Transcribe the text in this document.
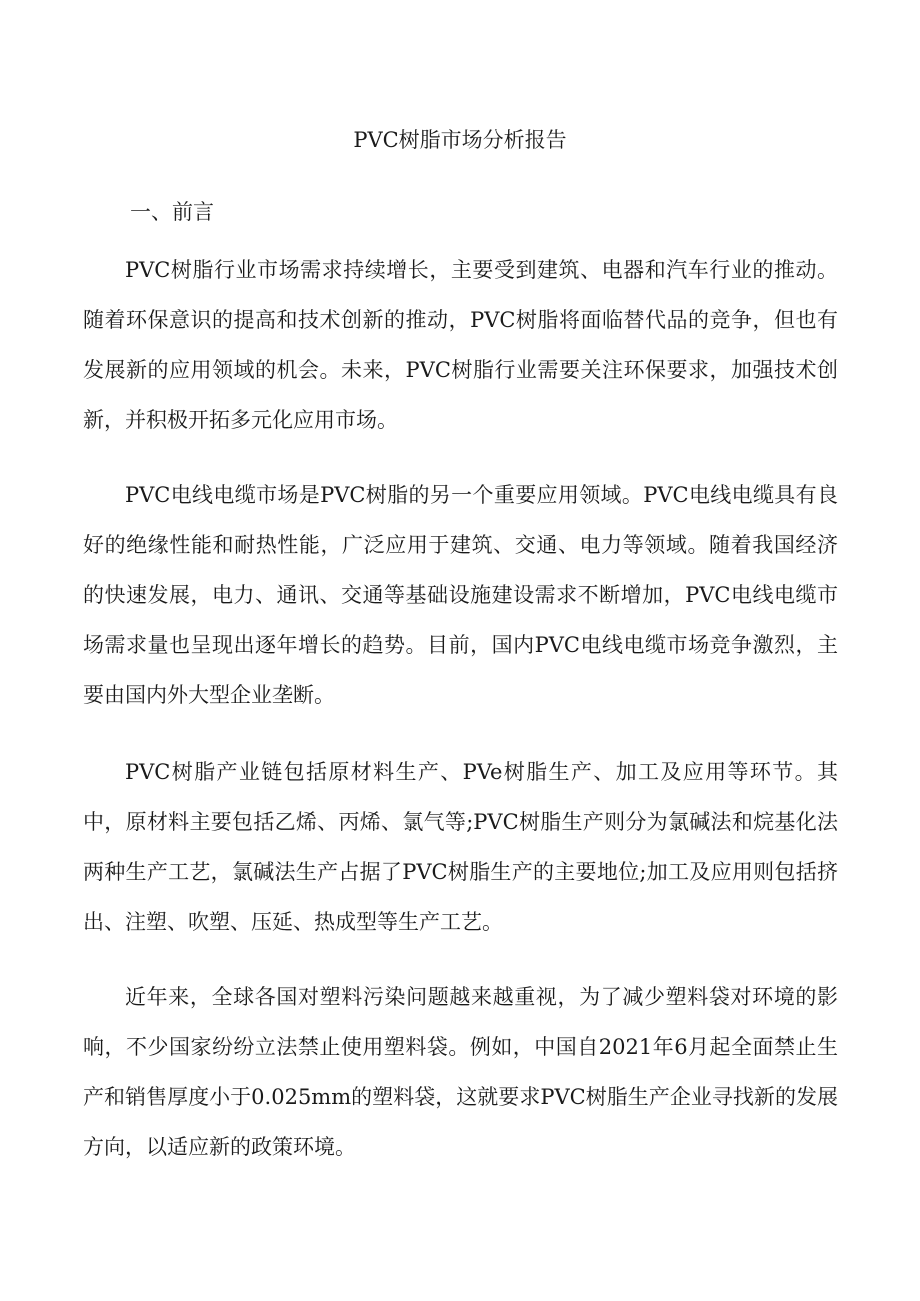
PVC树脂市场分析报告
一、前言

PVC树脂行业市场需求持续增长，主要受到建筑、电器和汽车行业的推动。随着环保意识的提高和技术创新的推动，PVC树脂将面临替代品的竞争，但也有发展新的应用领域的机会。未来，PVC树脂行业需要关注环保要求，加强技术创新，并积极开拓多元化应用市场。

PVC电线电缆市场是PVC树脂的另一个重要应用领域。PVC电线电缆具有良好的绝缘性能和耐热性能，广泛应用于建筑、交通、电力等领域。随着我国经济的快速发展，电力、通讯、交通等基础设施建设需求不断增加，PVC电线电缆市场需求量也呈现出逐年增长的趋势。目前，国内PVC电线电缆市场竞争激烈，主要由国内外大型企业垄断。

PVC树脂产业链包括原材料生产、PVe树脂生产、加工及应用等环节。其中，原材料主要包括乙烯、丙烯、氯气等;PVC树脂生产则分为氯碱法和烷基化法两种生产工艺，氯碱法生产占据了PVC树脂生产的主要地位;加工及应用则包括挤出、注塑、吹塑、压延、热成型等生产工艺。

近年来，全球各国对塑料污染问题越来越重视，为了减少塑料袋对环境的影响，不少国家纷纷立法禁止使用塑料袋。例如，中国自2021年6月起全面禁止生产和销售厚度小于0.025mm的塑料袋，这就要求PVC树脂生产企业寻找新的发展方向，以适应新的政策环境。
